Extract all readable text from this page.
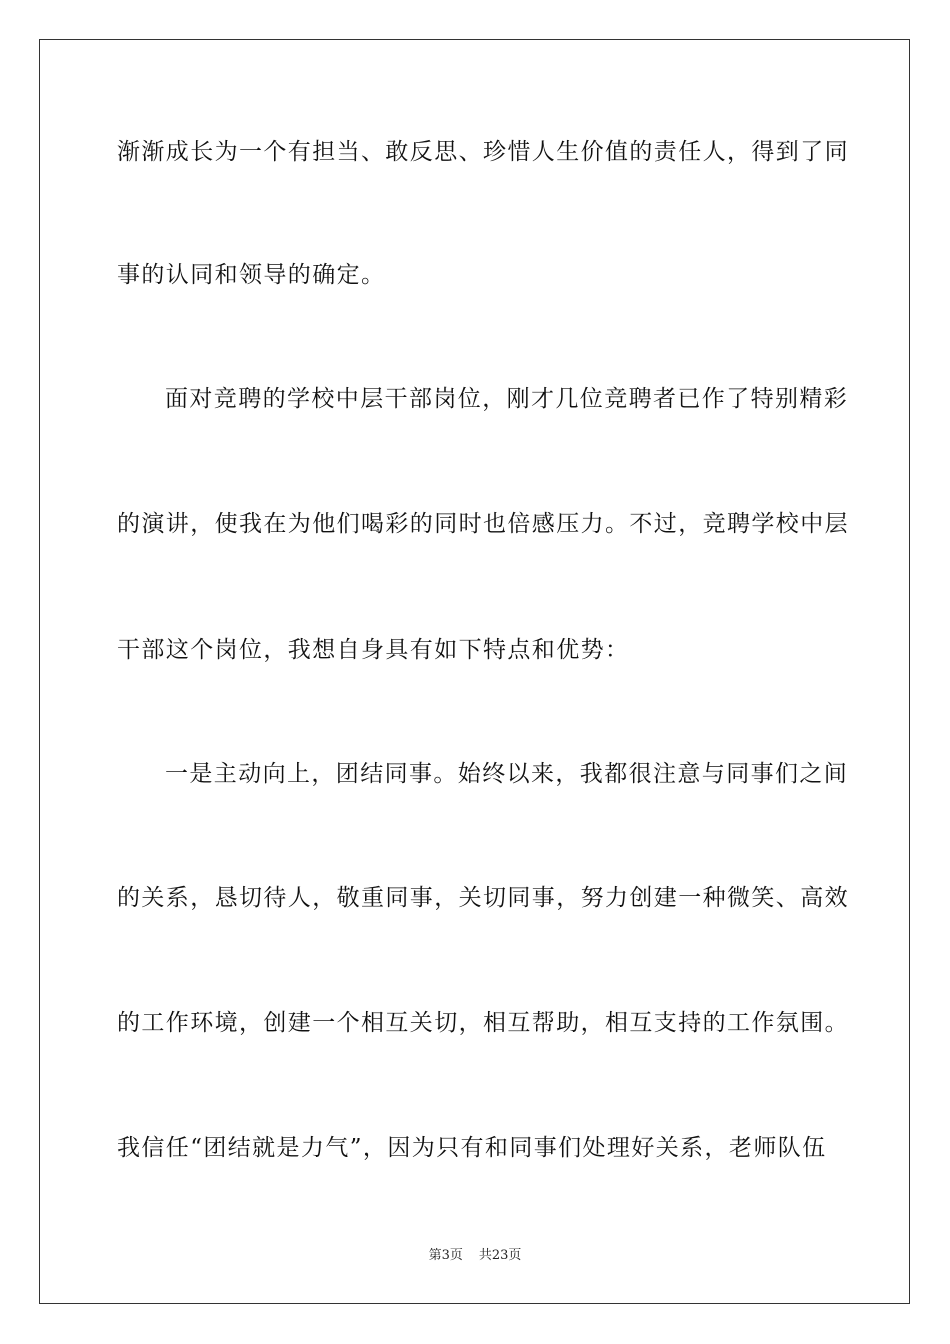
渐渐成长为一个有担当、敢反思、珍惜人生价值的责任人，得到了同
事的认同和领导的确定。
面对竞聘的学校中层干部岗位，刚才几位竞聘者已作了特别精彩
的演讲，使我在为他们喝彩的同时也倍感压力。不过，竞聘学校中层
干部这个岗位，我想自身具有如下特点和优势：
一是主动向上，团结同事。始终以来，我都很注意与同事们之间
的关系，恳切待人，敬重同事，关切同事，努力创建一种微笑、高效
的工作环境，创建一个相互关切，相互帮助，相互支持的工作氛围。
我信任“团结就是力气”，因为只有和同事们处理好关系，老师队伍
第3页 共23页
